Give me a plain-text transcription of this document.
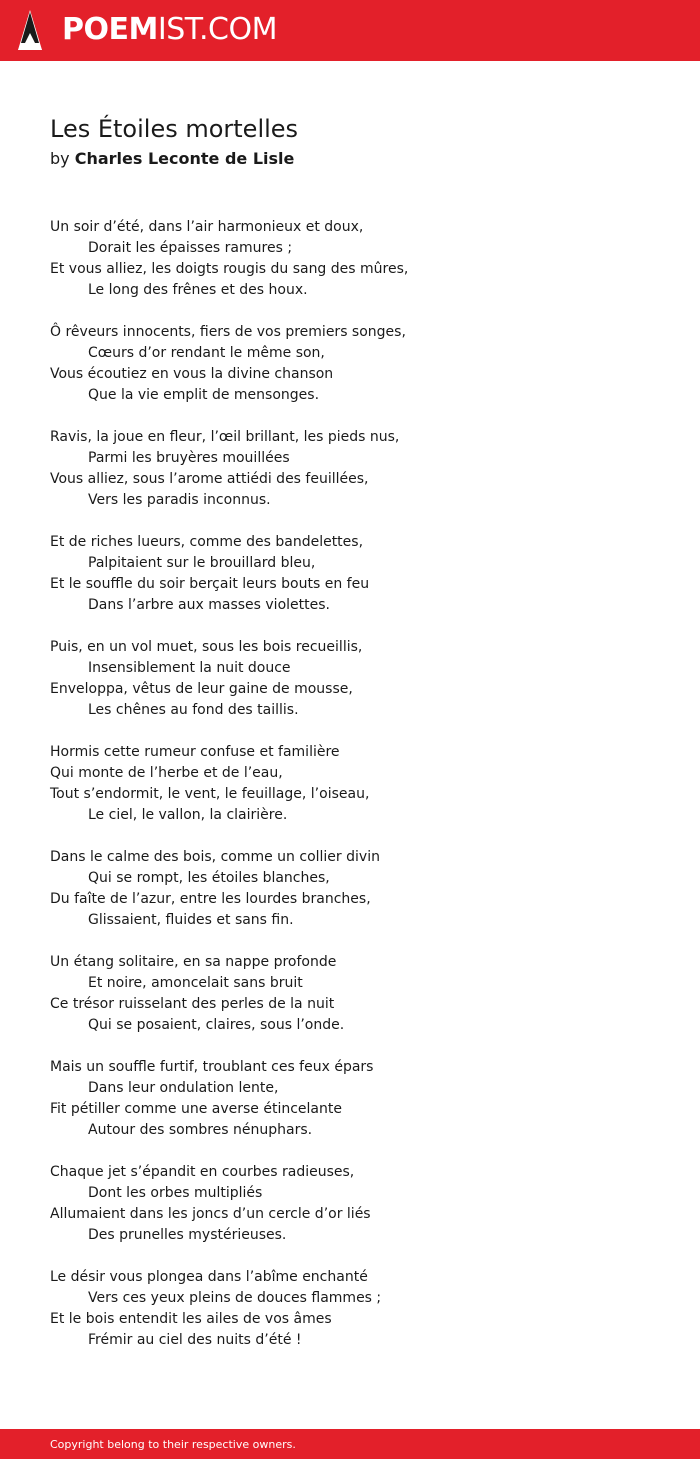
POEMIST.COM
Les Étoiles mortelles
by Charles Leconte de Lisle
Un soir d’été, dans l’air harmonieux et doux,
Dorait les épaisses ramures ;
Et vous alliez, les doigts rougis du sang des mûres,
Le long des frênes et des houx.
Ô rêveurs innocents, fiers de vos premiers songes,
Cœurs d’or rendant le même son,
Vous écoutiez en vous la divine chanson
Que la vie emplit de mensonges.
Ravis, la joue en fleur, l’œil brillant, les pieds nus,
Parmi les bruyères mouillées
Vous alliez, sous l’arome attiédi des feuillées,
Vers les paradis inconnus.
Et de riches lueurs, comme des bandelettes,
Palpitaient sur le brouillard bleu,
Et le souffle du soir berçait leurs bouts en feu
Dans l’arbre aux masses violettes.
Puis, en un vol muet, sous les bois recueillis,
Insensiblement la nuit douce
Enveloppa, vêtus de leur gaine de mousse,
Les chênes au fond des taillis.
Hormis cette rumeur confuse et familière
Qui monte de l’herbe et de l’eau,
Tout s’endormit, le vent, le feuillage, l’oiseau,
Le ciel, le vallon, la clairière.
Dans le calme des bois, comme un collier divin
Qui se rompt, les étoiles blanches,
Du faîte de l’azur, entre les lourdes branches,
Glissaient, fluides et sans fin.
Un étang solitaire, en sa nappe profonde
Et noire, amoncelait sans bruit
Ce trésor ruisselant des perles de la nuit
Qui se posaient, claires, sous l’onde.
Mais un souffle furtif, troublant ces feux épars
Dans leur ondulation lente,
Fit pétiller comme une averse étincelante
Autour des sombres nénuphars.
Chaque jet s’épandit en courbes radieuses,
Dont les orbes multipliés
Allumaient dans les joncs d’un cercle d’or liés
Des prunelles mystérieuses.
Le désir vous plongea dans l’abîme enchanté
Vers ces yeux pleins de douces flammes ;
Et le bois entendit les ailes de vos âmes
Frémir au ciel des nuits d’été !
Copyright belong to their respective owners.
